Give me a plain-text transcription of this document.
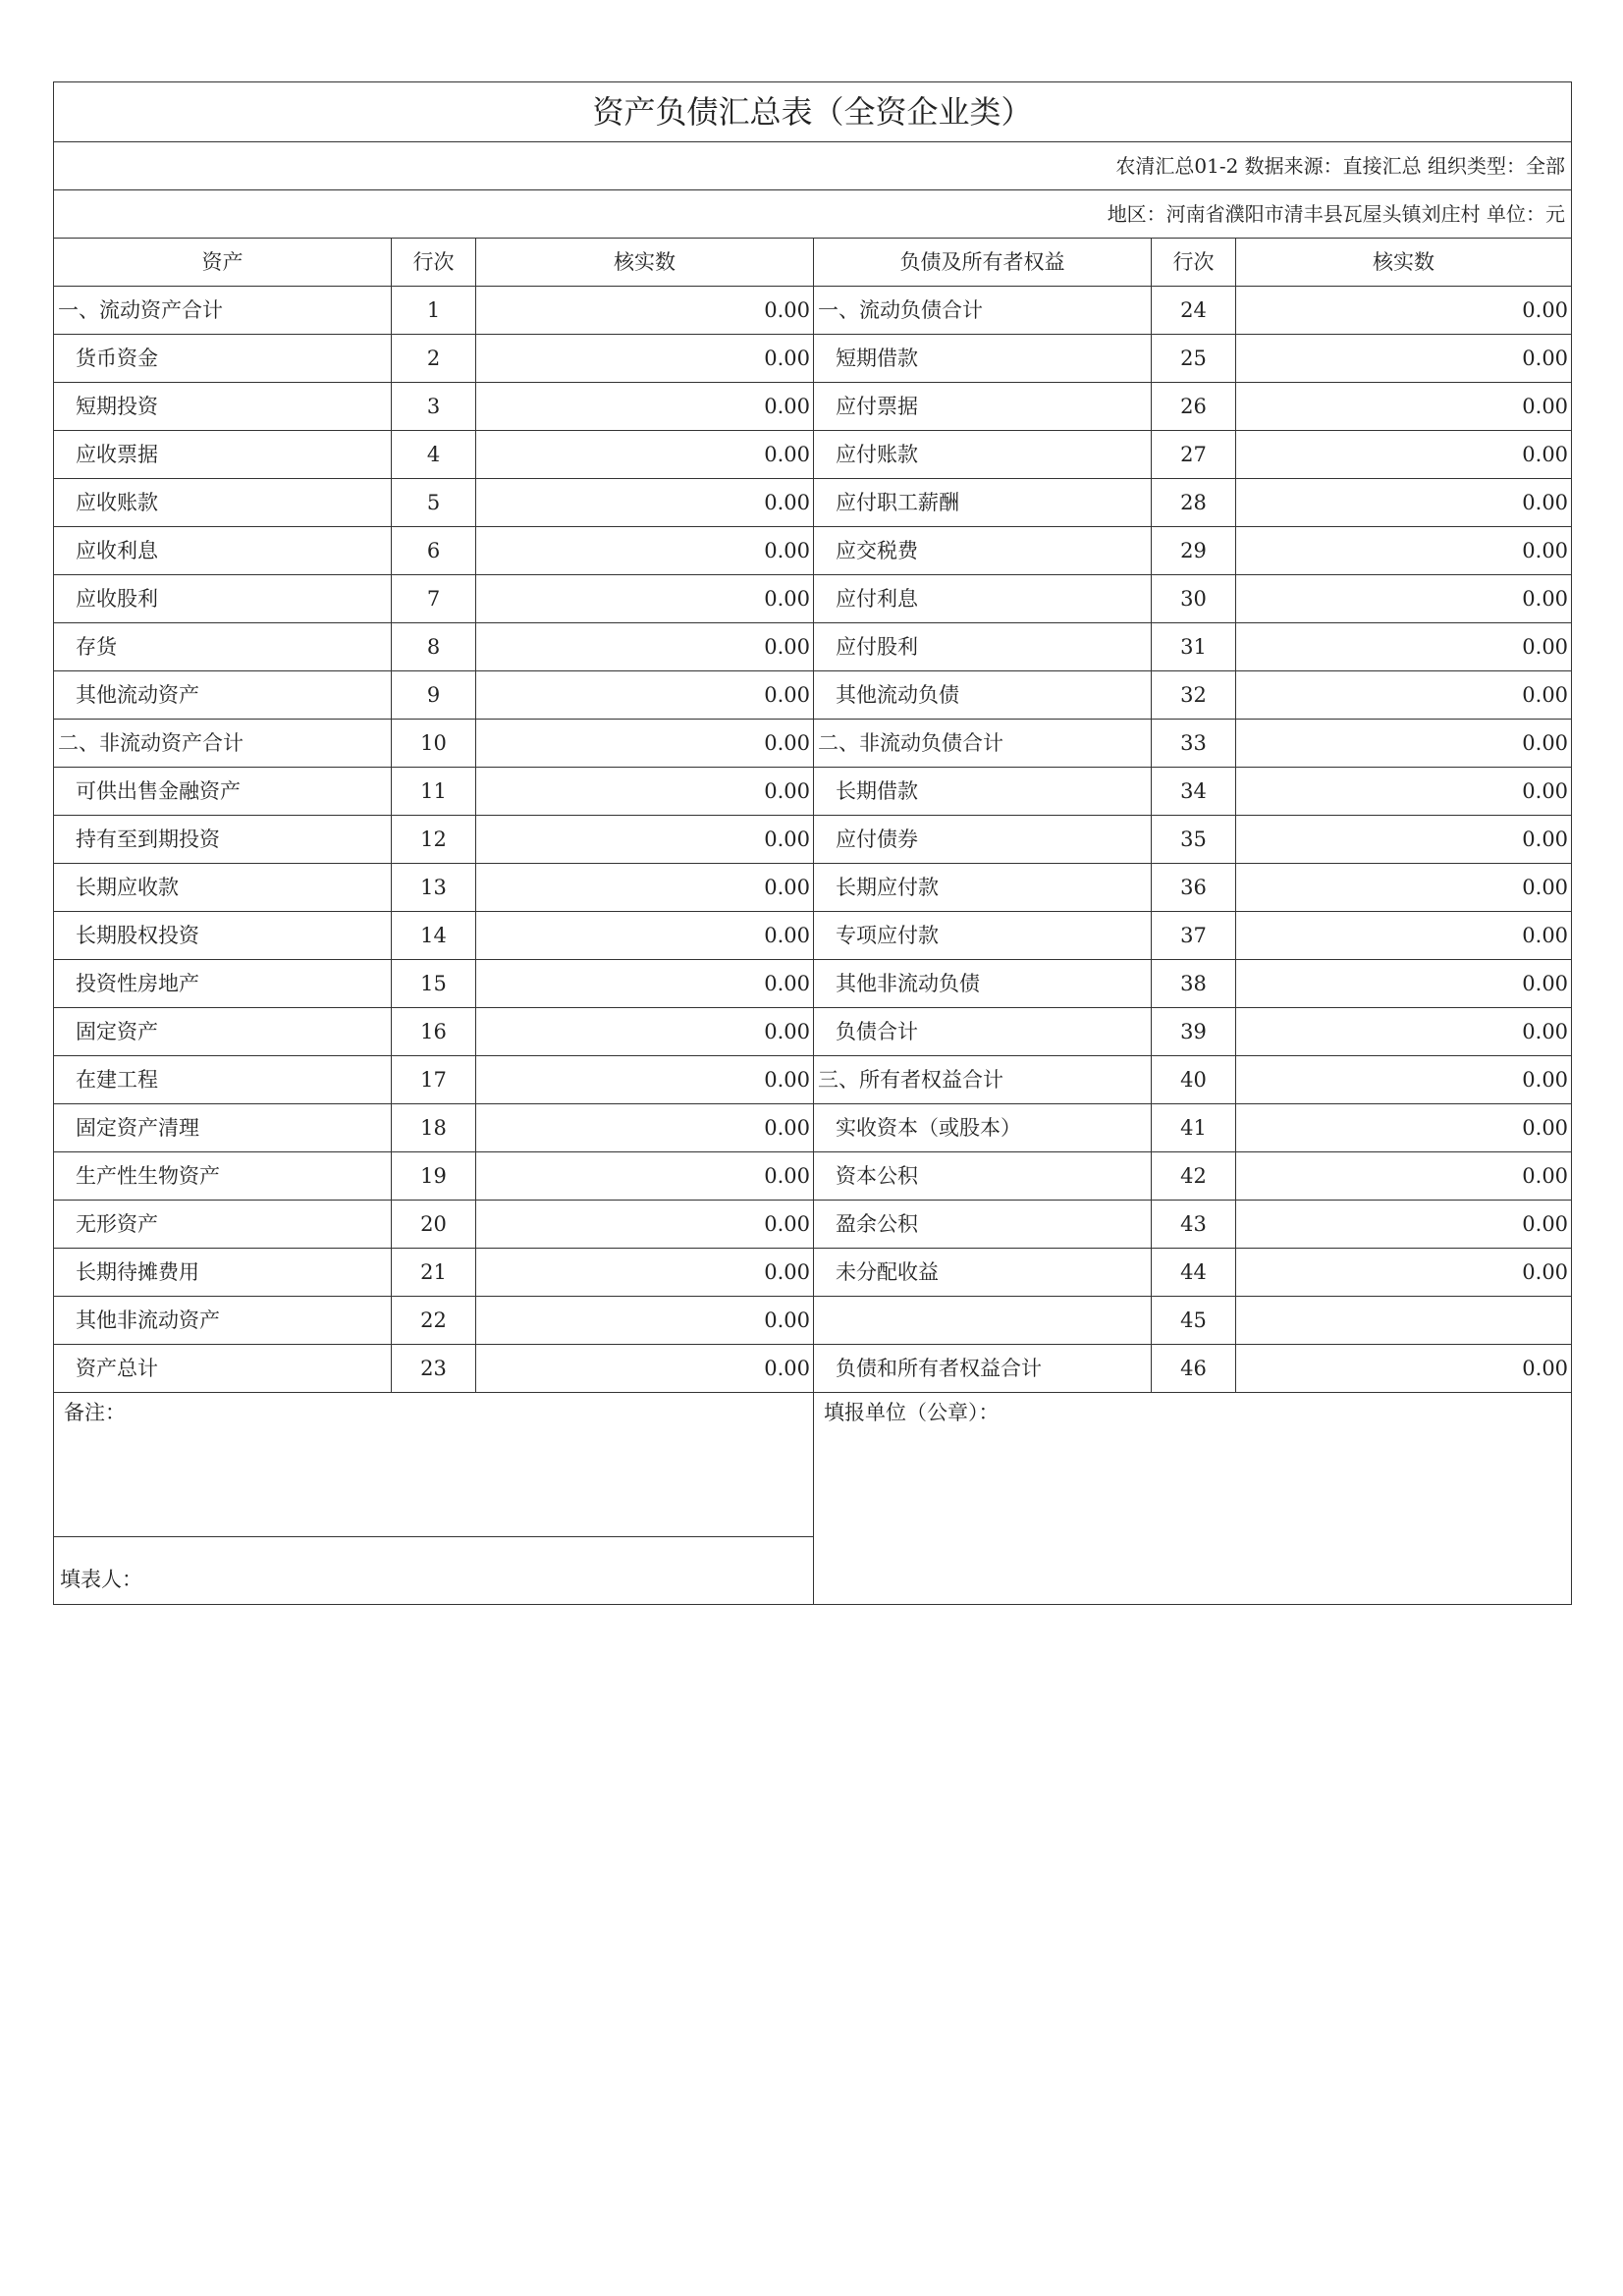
资产负债汇总表（全资企业类）					
农清汇总01-2 数据来源：直接汇总 组织类型：全部					
地区：河南省濮阳市清丰县瓦屋头镇刘庄村 单位：元					
资产	行次	核实数	负债及所有者权益	行次	核实数
一、流动资产合计	1	0.00	一、流动负债合计	24	0.00
货币资金	2	0.00	短期借款	25	0.00
短期投资	3	0.00	应付票据	26	0.00
应收票据	4	0.00	应付账款	27	0.00
应收账款	5	0.00	应付职工薪酬	28	0.00
应收利息	6	0.00	应交税费	29	0.00
应收股利	7	0.00	应付利息	30	0.00
存货	8	0.00	应付股利	31	0.00
其他流动资产	9	0.00	其他流动负债	32	0.00
二、非流动资产合计	10	0.00	二、非流动负债合计	33	0.00
可供出售金融资产	11	0.00	长期借款	34	0.00
持有至到期投资	12	0.00	应付债券	35	0.00
长期应收款	13	0.00	长期应付款	36	0.00
长期股权投资	14	0.00	专项应付款	37	0.00
投资性房地产	15	0.00	其他非流动负债	38	0.00
固定资产	16	0.00	负债合计	39	0.00
在建工程	17	0.00	三、所有者权益合计	40	0.00
固定资产清理	18	0.00	实收资本（或股本）	41	0.00
生产性生物资产	19	0.00	资本公积	42	0.00
无形资产	20	0.00	盈余公积	43	0.00
长期待摊费用	21	0.00	未分配收益	44	0.00
其他非流动资产	22	0.00		45	
资产总计	23	0.00	负债和所有者权益合计	46	0.00
备注：			填报单位（公章）：		
填表人：					
